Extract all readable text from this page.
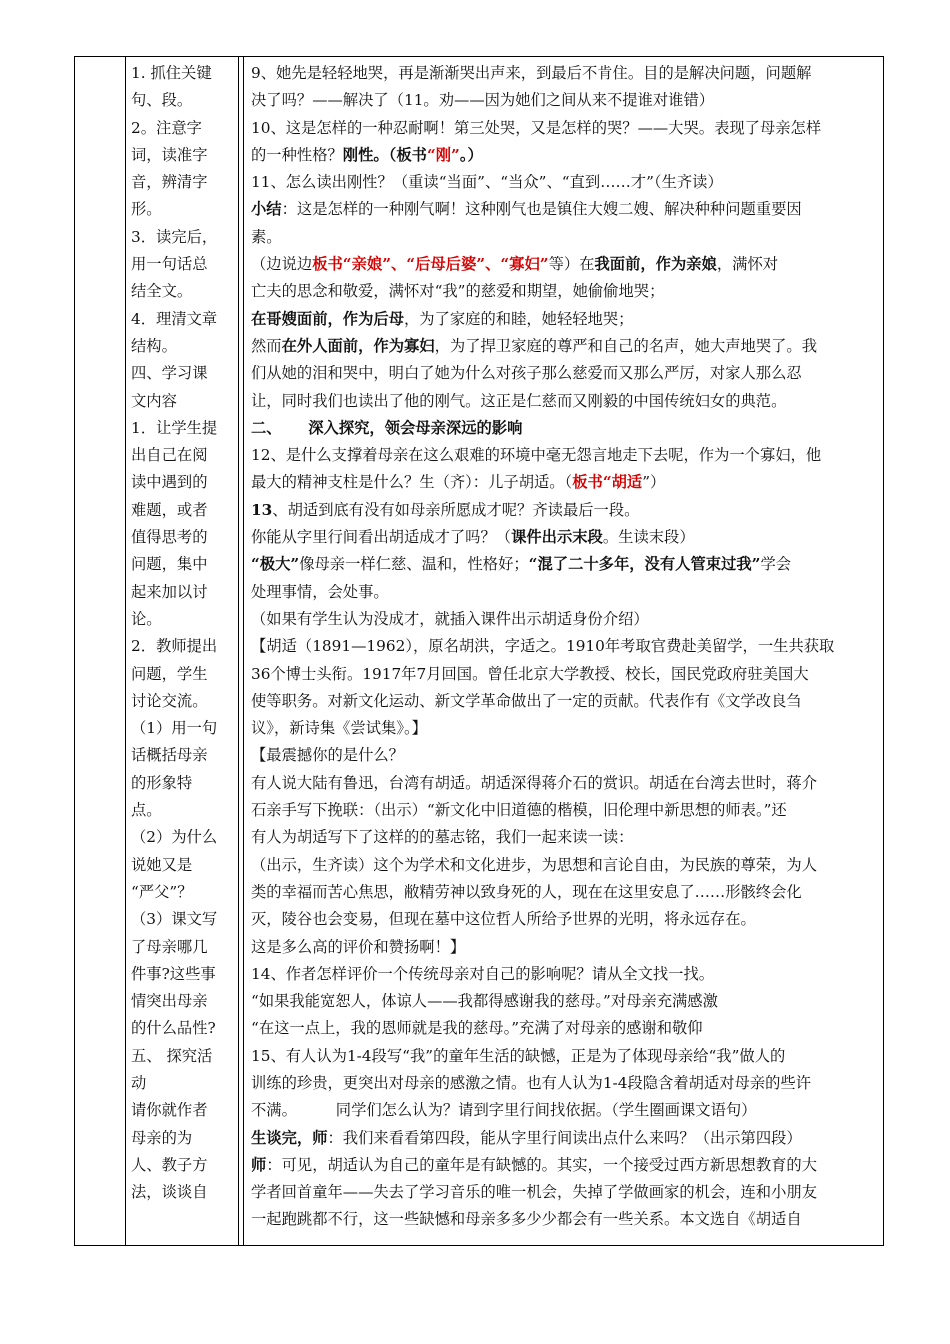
1. 抓住关键

句、段。

2。注意字

词，读准字

音，辨清字

形。

3．读完后，

用一句话总

结全文。

4．理清文章

结构。

四、学习课

文内容

1．让学生提

出自己在阅

读中遇到的

难题，或者

值得思考的

问题，集中

起来加以讨

论。

2．教师提出

问题，学生

讨论交流。

（1）用一句

话概括母亲

的形象特

点。

（2）为什么

说她又是

“严父”？

（3）课文写

了母亲哪几

件事?这些事

情突出母亲

的什么品性?

五、 探究活

动

请你就作者

母亲的为

人、教子方

法，谈谈自

9、她先是轻轻地哭，再是渐渐哭出声来，到最后不肯住。目的是解决问题，问题解

决了吗？——解决了（11。劝——因为她们之间从来不提谁对谁错）

10、这是怎样的一种忍耐啊！第三处哭，又是怎样的哭？——大哭。表现了母亲怎样

的一种性格？刚性。（板书“刚”。）

11、怎么读出刚性？（重读“当面”、“当众”、“直到……才”（生齐读）

小结：这是怎样的一种刚气啊！这种刚气也是镇住大嫂二嫂、解决种种问题重要因

素。

（边说边板书“亲娘”、“后母后婆”、“寡妇”等）在我面前，作为亲娘，满怀对

亡夫的思念和敬爱，满怀对“我”的慈爱和期望，她偷偷地哭；

在哥嫂面前，作为后母，为了家庭的和睦，她轻轻地哭；

然而在外人面前，作为寡妇，为了捍卫家庭的尊严和自己的名声，她大声地哭了。我

们从她的泪和哭中，明白了她为什么对孩子那么慈爱而又那么严厉，对家人那么忍

让，同时我们也读出了他的刚气。这正是仁慈而又刚毅的中国传统妇女的典范。

二、     深入探究，领会母亲深远的影响

12、是什么支撑着母亲在这么艰难的环境中毫无怨言地走下去呢，作为一个寡妇，他

最大的精神支柱是什么？生（齐）：儿子胡适。（板书“胡适”）

13、胡适到底有没有如母亲所愿成才呢？齐读最后一段。

你能从字里行间看出胡适成才了吗？（课件出示末段。生读末段）

“极大”像母亲一样仁慈、温和，性格好；“混了二十多年，没有人管束过我”学会

处理事情，会处事。

（如果有学生认为没成才，就插入课件出示胡适身份介绍）

【胡适（1891—1962），原名胡洪，字适之。1910年考取官费赴美留学，一生共获取

36个博士头衔。1917年7月回国。曾任北京大学教授、校长，国民党政府驻美国大

使等职务。对新文化运动、新文学革命做出了一定的贡献。代表作有《文学改良刍

议》，新诗集《尝试集》。】

【最震撼你的是什么？

有人说大陆有鲁迅，台湾有胡适。胡适深得蒋介石的赏识。胡适在台湾去世时，蒋介

石亲手写下挽联：（出示）“新文化中旧道德的楷模，旧伦理中新思想的师表。”还

有人为胡适写下了这样的的墓志铭，我们一起来读一读：

（出示，生齐读）这个为学术和文化进步，为思想和言论自由，为民族的尊荣，为人

类的幸福而苦心焦思，敝精劳神以致身死的人，现在在这里安息了……形骸终会化

灭，陵谷也会变易，但现在墓中这位哲人所给予世界的光明，将永远存在。

这是多么高的评价和赞扬啊！】

14、作者怎样评价一个传统母亲对自己的影响呢？请从全文找一找。

“如果我能宽恕人，体谅人——我都得感谢我的慈母。”对母亲充满感激

“在这一点上，我的恩师就是我的慈母。”充满了对母亲的感谢和敬仰

15、有人认为1-4段写“我”的童年生活的缺憾，正是为了体现母亲给“我”做人的

训练的珍贵，更突出对母亲的感激之情。也有人认为1-4段隐含着胡适对母亲的些许

不满。        同学们怎么认为？请到字里行间找依据。（学生圈画课文语句）

生谈完，师：我们来看看第四段，能从字里行间读出点什么来吗？（出示第四段）

师：可见，胡适认为自己的童年是有缺憾的。其实，一个接受过西方新思想教育的大

学者回首童年——失去了学习音乐的唯一机会，失掉了学做画家的机会，连和小朋友

一起跑跳都不行，这一些缺憾和母亲多多少少都会有一些关系。本文选自《胡适自
